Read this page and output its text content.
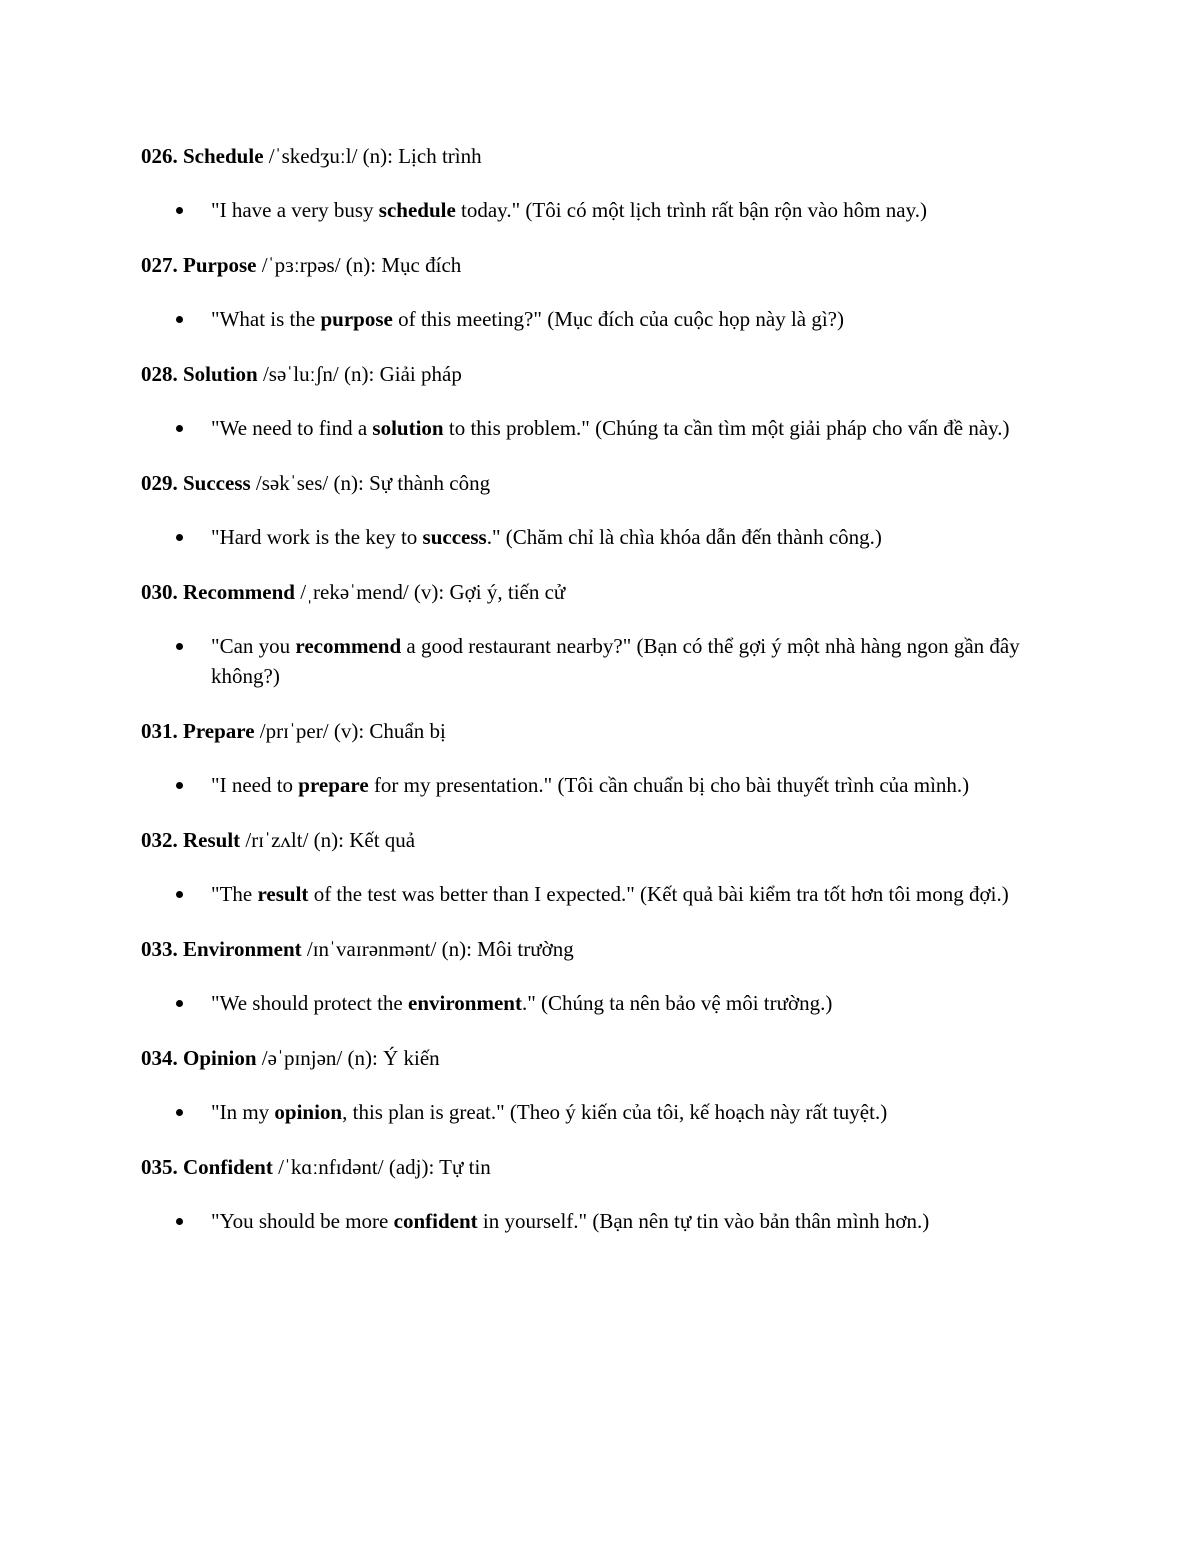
026. Schedule /ˈskedʒuːl/ (n): Lịch trình

"I have a very busy schedule today." (Tôi có một lịch trình rất bận rộn vào hôm nay.)

027. Purpose /ˈpɜːrpəs/ (n): Mục đích

"What is the purpose of this meeting?" (Mục đích của cuộc họp này là gì?)

028. Solution /səˈluːʃn/ (n): Giải pháp

"We need to find a solution to this problem." (Chúng ta cần tìm một giải pháp cho vấn đề này.)

029. Success /səkˈses/ (n): Sự thành công

"Hard work is the key to success." (Chăm chỉ là chìa khóa dẫn đến thành công.)

030. Recommend /ˌrekəˈmend/ (v): Gợi ý, tiến cử

"Can you recommend a good restaurant nearby?" (Bạn có thể gợi ý một nhà hàng ngon gần đây không?)

031. Prepare /prɪˈper/ (v): Chuẩn bị

"I need to prepare for my presentation." (Tôi cần chuẩn bị cho bài thuyết trình của mình.)

032. Result /rɪˈzʌlt/ (n): Kết quả

"The result of the test was better than I expected." (Kết quả bài kiểm tra tốt hơn tôi mong đợi.)

033. Environment /ɪnˈvaɪrənmənt/ (n): Môi trường

"We should protect the environment." (Chúng ta nên bảo vệ môi trường.)

034. Opinion /əˈpɪnjən/ (n): Ý kiến

"In my opinion, this plan is great." (Theo ý kiến của tôi, kế hoạch này rất tuyệt.)

035. Confident /ˈkɑːnfɪdənt/ (adj): Tự tin

"You should be more confident in yourself." (Bạn nên tự tin vào bản thân mình hơn.)
